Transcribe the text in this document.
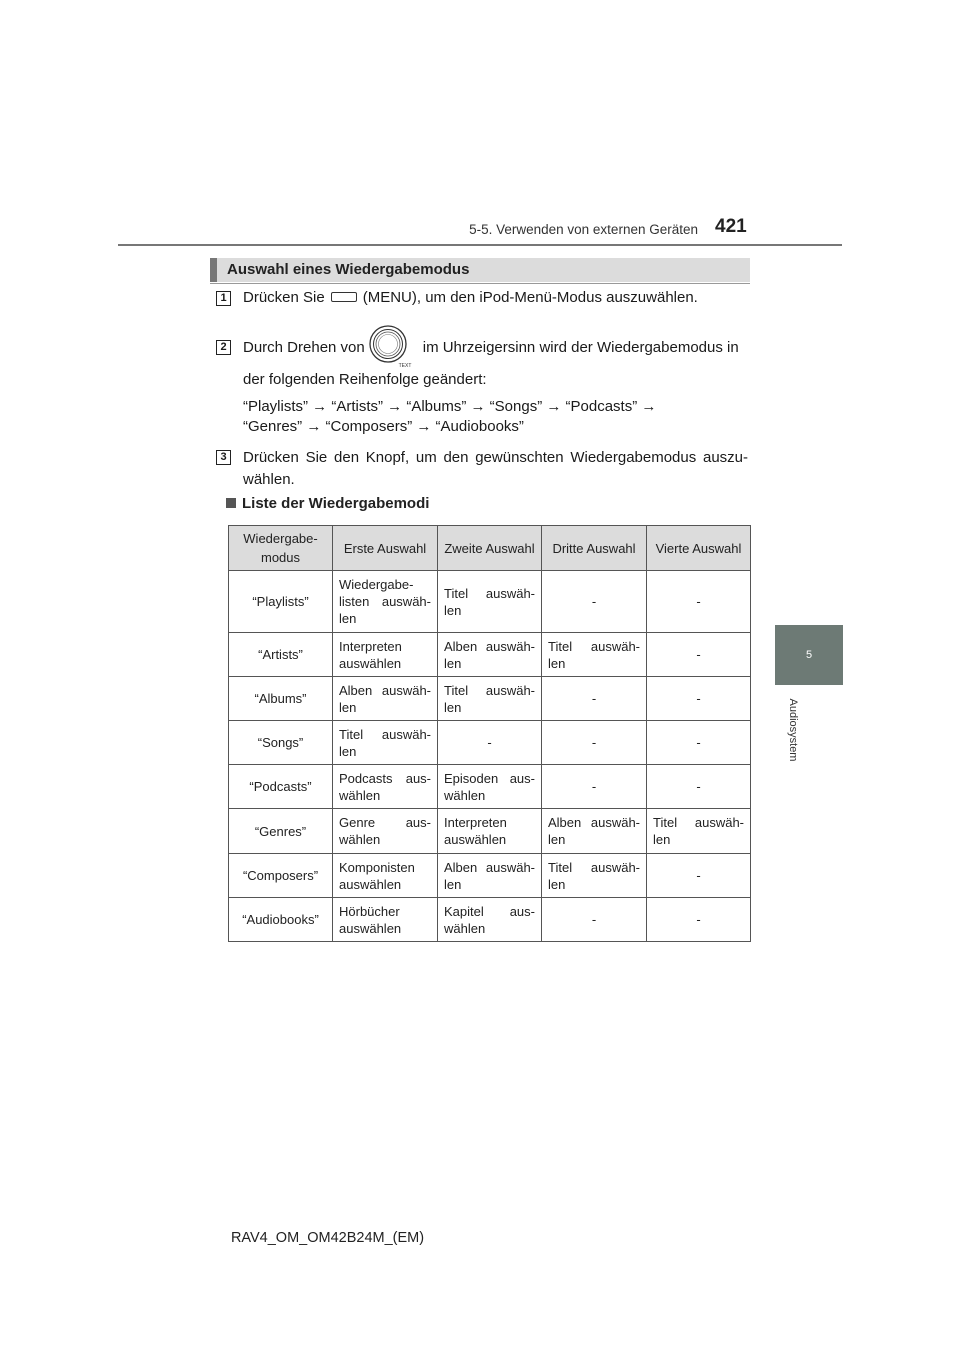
5-5. Verwenden von externen Geräten 421
5
Audiosystem
Auswahl eines Wiedergabemodus
1 Drücken Sie	(MENU), um den iPod-Menü-Modus auszuwählen.
2 Durch Drehen von	im Uhrzeigersinn wird der Wiedergabemodus in
TEXT
der folgenden Reihenfolge geändert:
“Playlists” → “Artists” → “Albums” → “Songs” → “Podcasts” →
“Genres” → “Composers” → “Audiobooks”
3 Drücken Sie den Knopf, um den gewünschten Wiedergabemodus auszu-wählen.
Liste der Wiedergabemodi
Wiedergabe-modus	Erste Auswahl	Zweite Auswahl	Dritte Auswahl	Vierte Auswahl
“Playlists”	Wiedergabe-listen auswäh-len	Titel auswäh-len	-	-
“Artists”	Interpreten auswählen	Alben auswäh-len	Titel auswäh-len	-
“Albums”	Alben auswäh-len	Titel auswäh-len	-	-
“Songs”	Titel auswäh-len	-	-	-
“Podcasts”	Podcasts aus-wählen	Episoden aus-wählen	-	-
“Genres”	Genre aus-wählen	Interpreten auswählen	Alben auswäh-len	Titel auswäh-len
“Composers”	Komponisten auswählen	Alben auswäh-len	Titel auswäh-len	-
“Audiobooks”	Hörbücher auswählen	Kapitel aus-wählen	-	-
RAV4_OM_OM42B24M_(EM)
